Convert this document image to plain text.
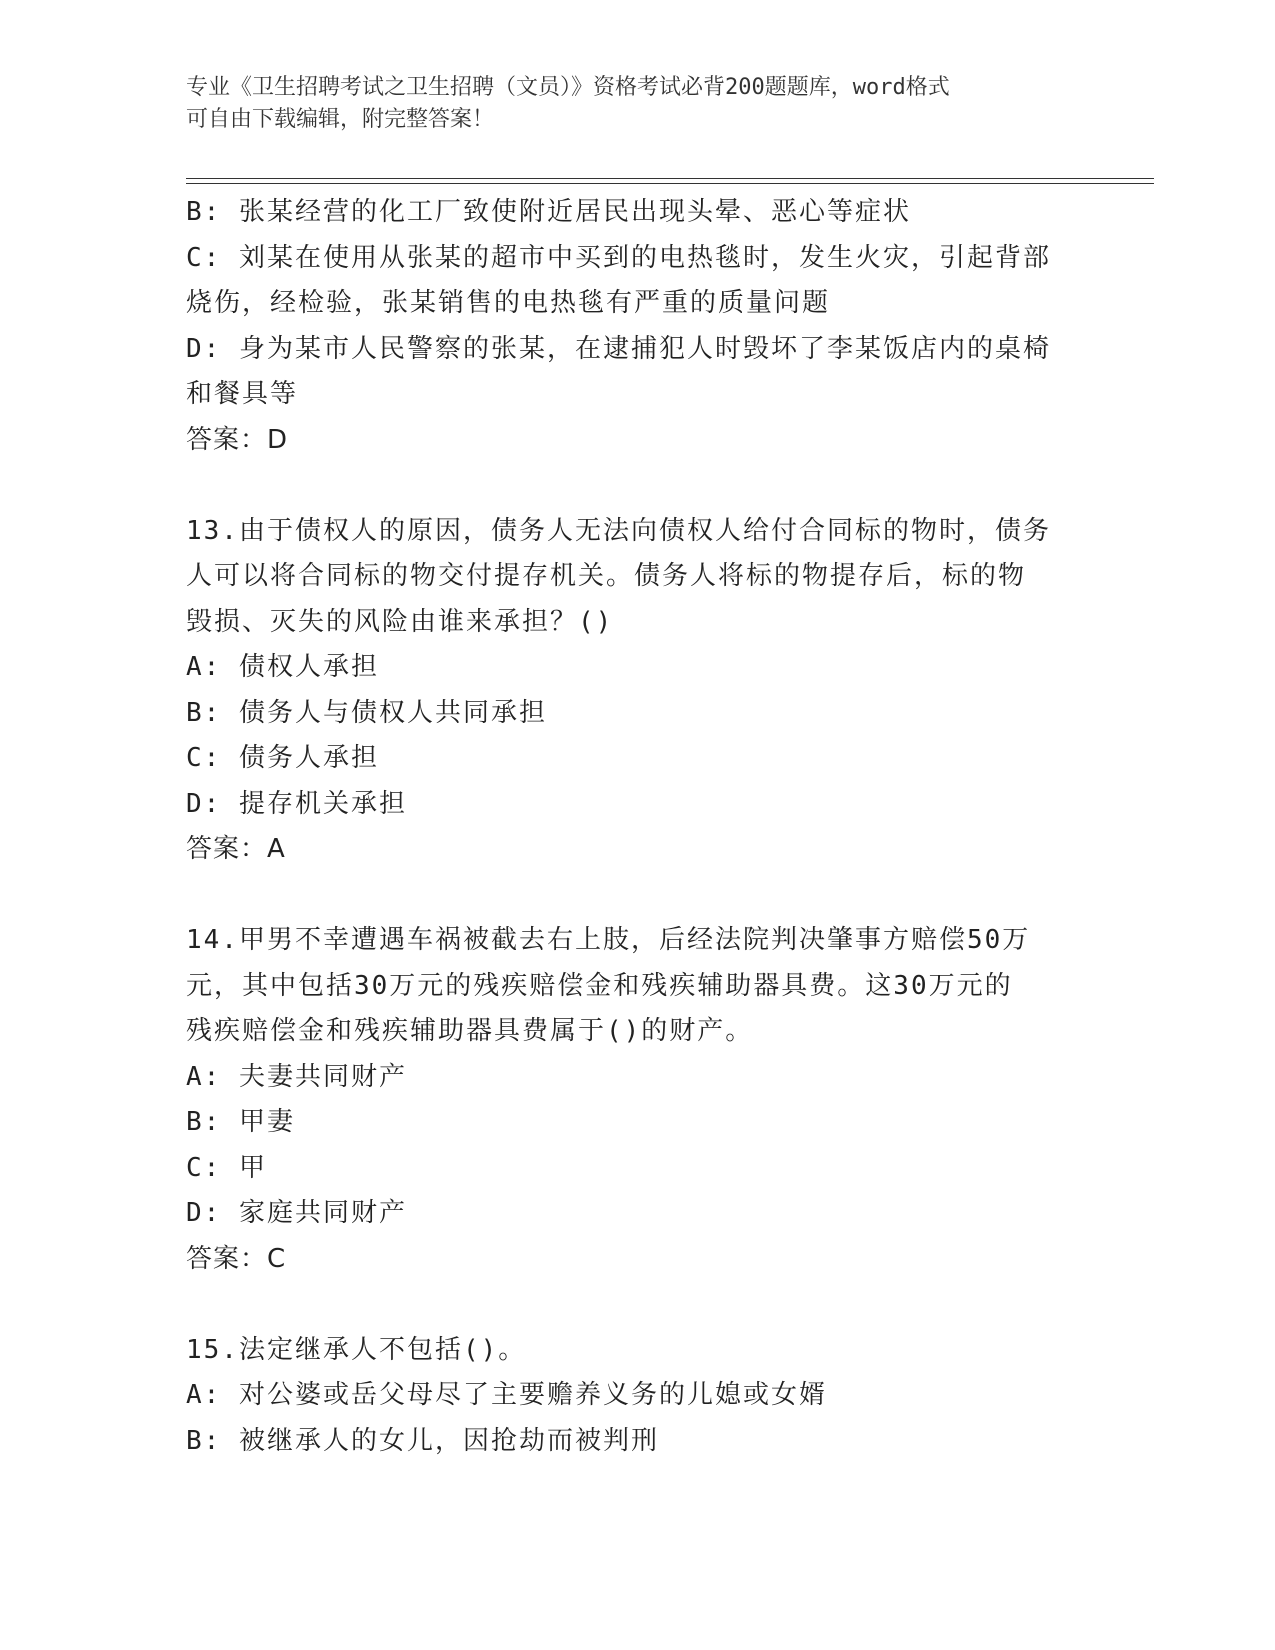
专业《卫生招聘考试之卫生招聘（文员）》资格考试必背200题题库，word格式
可自由下载编辑，附完整答案！
B: 张某经营的化工厂致使附近居民出现头晕、恶心等症状
C: 刘某在使用从张某的超市中买到的电热毯时，发生火灾，引起背部
烧伤，经检验，张某销售的电热毯有严重的质量问题
D: 身为某市人民警察的张某，在逮捕犯人时毁坏了李某饭店内的桌椅
和餐具等
答案：D
13.由于债权人的原因，债务人无法向债权人给付合同标的物时，债务
人可以将合同标的物交付提存机关。债务人将标的物提存后，标的物
毁损、灭失的风险由谁来承担？()
A: 债权人承担
B: 债务人与债权人共同承担
C: 债务人承担
D: 提存机关承担
答案：A
14.甲男不幸遭遇车祸被截去右上肢，后经法院判决肇事方赔偿50万
元，其中包括30万元的残疾赔偿金和残疾辅助器具费。这30万元的
残疾赔偿金和残疾辅助器具费属于()的财产。
A: 夫妻共同财产
B: 甲妻
C: 甲
D: 家庭共同财产
答案：C
15.法定继承人不包括()。
A: 对公婆或岳父母尽了主要赡养义务的儿媳或女婿
B: 被继承人的女儿，因抢劫而被判刑
